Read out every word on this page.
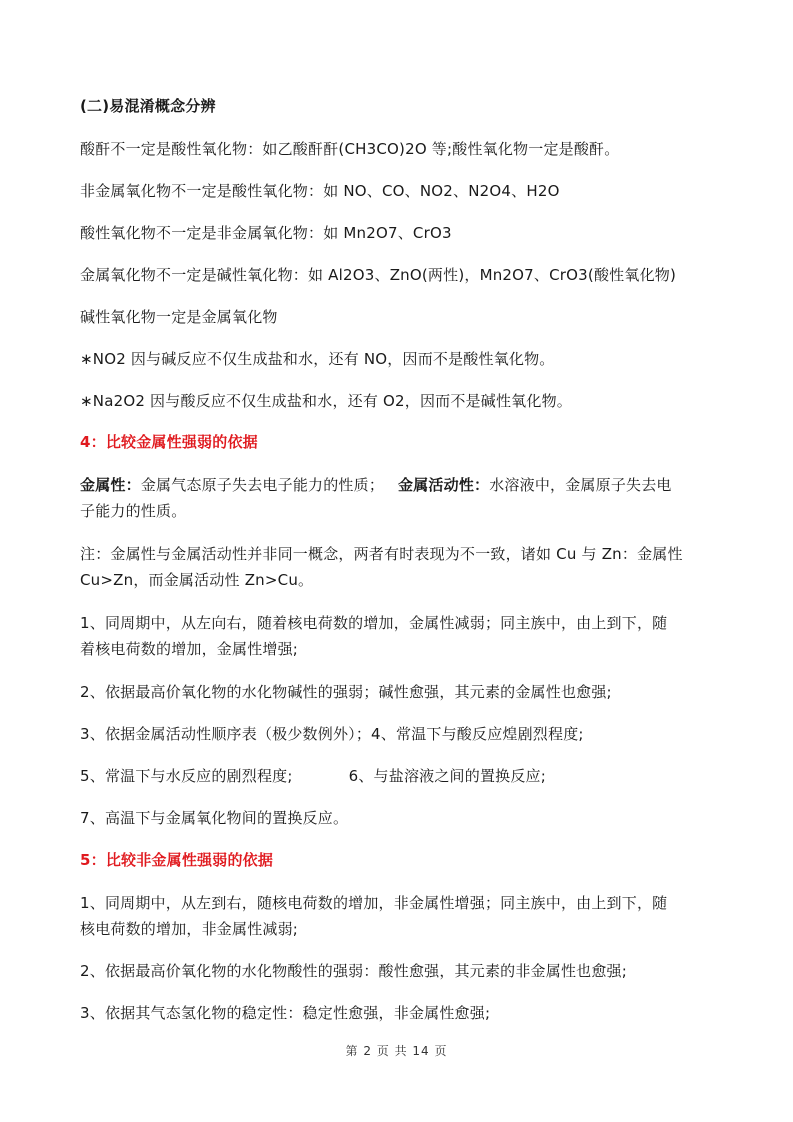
(二)易混淆概念分辨

酸酐不一定是酸性氧化物：如乙酸酐酐(CH3CO)2O 等;酸性氧化物一定是酸酐。

非金属氧化物不一定是酸性氧化物：如 NO、CO、NO2、N2O4、H2O

酸性氧化物不一定是非金属氧化物：如 Mn2O7、CrO3

金属氧化物不一定是碱性氧化物：如 Al2O3、ZnO(两性)，Mn2O7、CrO3(酸性氧化物)

碱性氧化物一定是金属氧化物

∗NO2 因与碱反应不仅生成盐和水，还有 NO，因而不是酸性氧化物。

∗Na2O2 因与酸反应不仅生成盐和水，还有 O2，因而不是碱性氧化物。

4：比较金属性强弱的依据

金属性：金属气态原子失去电子能力的性质； 金属活动性：水溶液中，金属原子失去电

子能力的性质。

注：金属性与金属活动性并非同一概念，两者有时表现为不一致，诸如 Cu 与 Zn：金属性

Cu>Zn，而金属活动性 Zn>Cu。

1、同周期中，从左向右，随着核电荷数的增加，金属性减弱；同主族中，由上到下，随

着核电荷数的增加，金属性增强;

2、依据最高价氧化物的水化物碱性的强弱；碱性愈强，其元素的金属性也愈强;

3、依据金属活动性顺序表（极少数例外）；4、常温下与酸反应煌剧烈程度;

5、常温下与水反应的剧烈程度;	6、与盐溶液之间的置换反应;

7、高温下与金属氧化物间的置换反应。

5：比较非金属性强弱的依据

1、同周期中，从左到右，随核电荷数的增加，非金属性增强；同主族中，由上到下，随

核电荷数的增加，非金属性减弱;

2、依据最高价氧化物的水化物酸性的强弱：酸性愈强，其元素的非金属性也愈强;

3、依据其气态氢化物的稳定性：稳定性愈强，非金属性愈强;

第 2 页 共 14 页
